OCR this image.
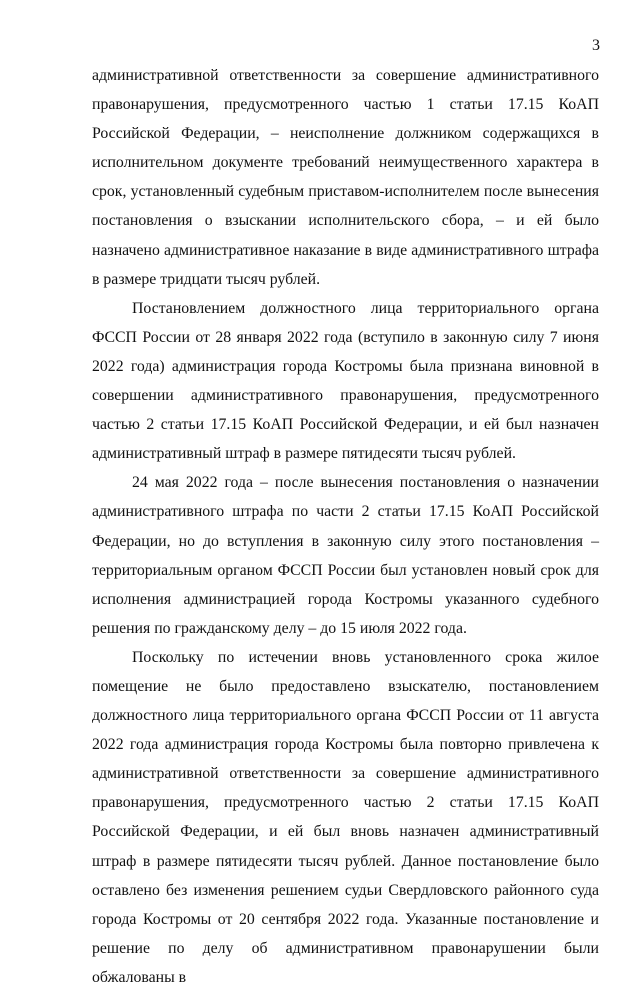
3

административной ответственности за совершение административного правонарушения, предусмотренного частью 1 статьи 17.15 КоАП Российской Федерации, – неисполнение должником содержащихся в исполнительном документе требований неимущественного характера в срок, установленный судебным приставом-исполнителем после вынесения постановления о взыскании исполнительского сбора, – и ей было назначено административное наказание в виде административного штрафа в размере тридцати тысяч рублей.

Постановлением должностного лица территориального органа ФССП России от 28 января 2022 года (вступило в законную силу 7 июня 2022 года) администрация города Костромы была признана виновной в совершении административного правонарушения, предусмотренного частью 2 статьи 17.15 КоАП Российской Федерации, и ей был назначен административный штраф в размере пятидесяти тысяч рублей.

24 мая 2022 года – после вынесения постановления о назначении административного штрафа по части 2 статьи 17.15 КоАП Российской Федерации, но до вступления в законную силу этого постановления – территориальным органом ФССП России был установлен новый срок для исполнения администрацией города Костромы указанного судебного решения по гражданскому делу – до 15 июля 2022 года.

Поскольку по истечении вновь установленного срока жилое помещение не было предоставлено взыскателю, постановлением должностного лица территориального органа ФССП России от 11 августа 2022 года администрация города Костромы была повторно привлечена к административной ответственности за совершение административного правонарушения, предусмотренного частью 2 статьи 17.15 КоАП Российской Федерации, и ей был вновь назначен административный штраф в размере пятидесяти тысяч рублей. Данное постановление было оставлено без изменения решением судьи Свердловского районного суда города Костромы от 20 сентября 2022 года. Указанные постановление и решение по делу об административном правонарушении были обжалованы в
